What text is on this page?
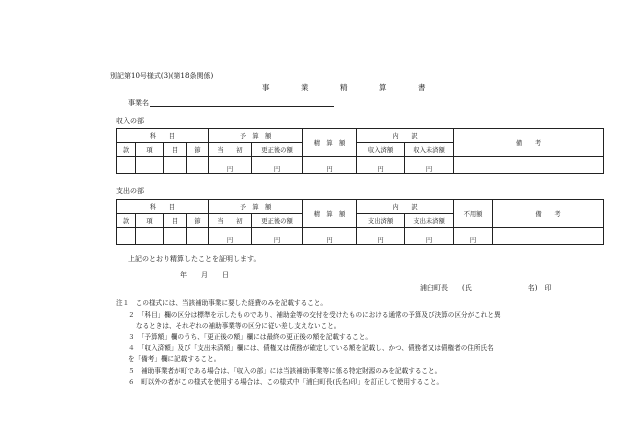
別記第10号様式(3)(第18条関係)
事　業　精　算　書
事業名
収入の部
科　　目				予　算　額		精　算　額	内　　訳		備　　考
款	項	目	節	当　　初	更正後の額		収入済額	収入未済額	
				円	円	円	円	円	
支出の部
科　　目				予　算　額		精　算　額	内　　訳		不用額	備　　考
款	項	目	節	当　　初	更正後の額		支出済額	支出未済額		
				円	円	円	円	円	円	
上記のとおり精算したことを証明します。
年　　月　　日
浦臼町長　　(氏　　　　　　　　名)　印
注１　この様式には、当該補助事業に要した経費のみを記載すること。
２　「科目」欄の区分は標準を示したものであり、補助金等の交付を受けたものにおける通常の予算及び決算の区分がこれと異
なるときは、それぞれの補助事業等の区分に従い差し支えないこと。
３　「予算額」欄のうち、「更正後の額」欄には最終の更正後の額を記載すること。
４　「収入済額」及び「支出未済額」欄には、債権又は債務が確定している額を記載し、かつ、債務者又は債権者の住所氏名
を「備考」欄に記載すること。
５　補助事業者が町である場合は、「収入の部」には当該補助事業等に係る特定財源のみを記載すること。
６　町以外の者がこの様式を使用する場合は、この様式中「浦臼町長(氏名)印」を訂正して使用すること。
